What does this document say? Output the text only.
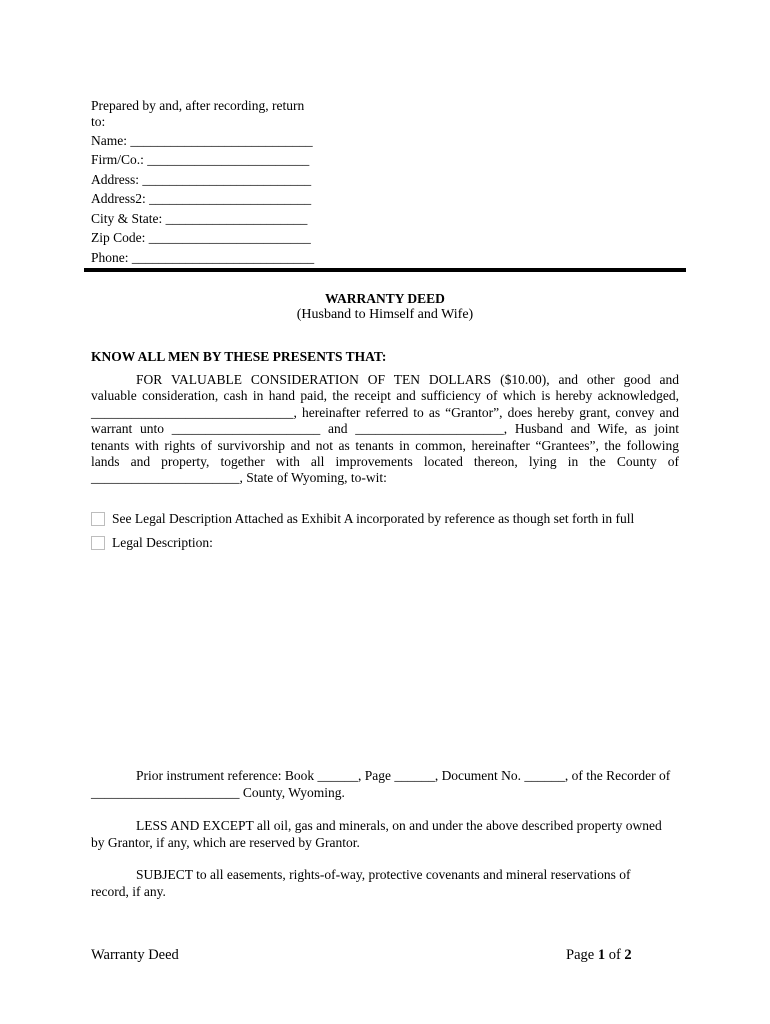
Prepared by and, after recording, return
to:
Name: ___________________________
Firm/Co.: ________________________
Address: _________________________
Address2: ________________________
City & State: _____________________
Zip Code: ________________________
Phone: ___________________________
WARRANTY DEED
(Husband to Himself and Wife)
KNOW ALL MEN BY THESE PRESENTS THAT:
FOR VALUABLE CONSIDERATION OF TEN DOLLARS ($10.00), and other good and
valuable consideration, cash in hand paid, the receipt and sufficiency of which is hereby acknowledged,
______________________________, hereinafter referred to as “Grantor”, does hereby grant, convey and
warrant unto ______________________ and ______________________, Husband and Wife, as joint
tenants with rights of survivorship and not as tenants in common, hereinafter “Grantees”, the following
lands and property, together with all improvements located thereon, lying in the County of
______________________, State of Wyoming, to-wit:
See Legal Description Attached as Exhibit A incorporated by reference as though set forth in full
Legal Description:
Prior instrument reference: Book ______, Page ______, Document No. ______, of the Recorder of
______________________ County, Wyoming.
LESS AND EXCEPT all oil, gas and minerals, on and under the above described property owned
by Grantor, if any, which are reserved by Grantor.
SUBJECT to all easements, rights-of-way, protective covenants and mineral reservations of
record, if any.
Warranty Deed	Page 1 of 2
